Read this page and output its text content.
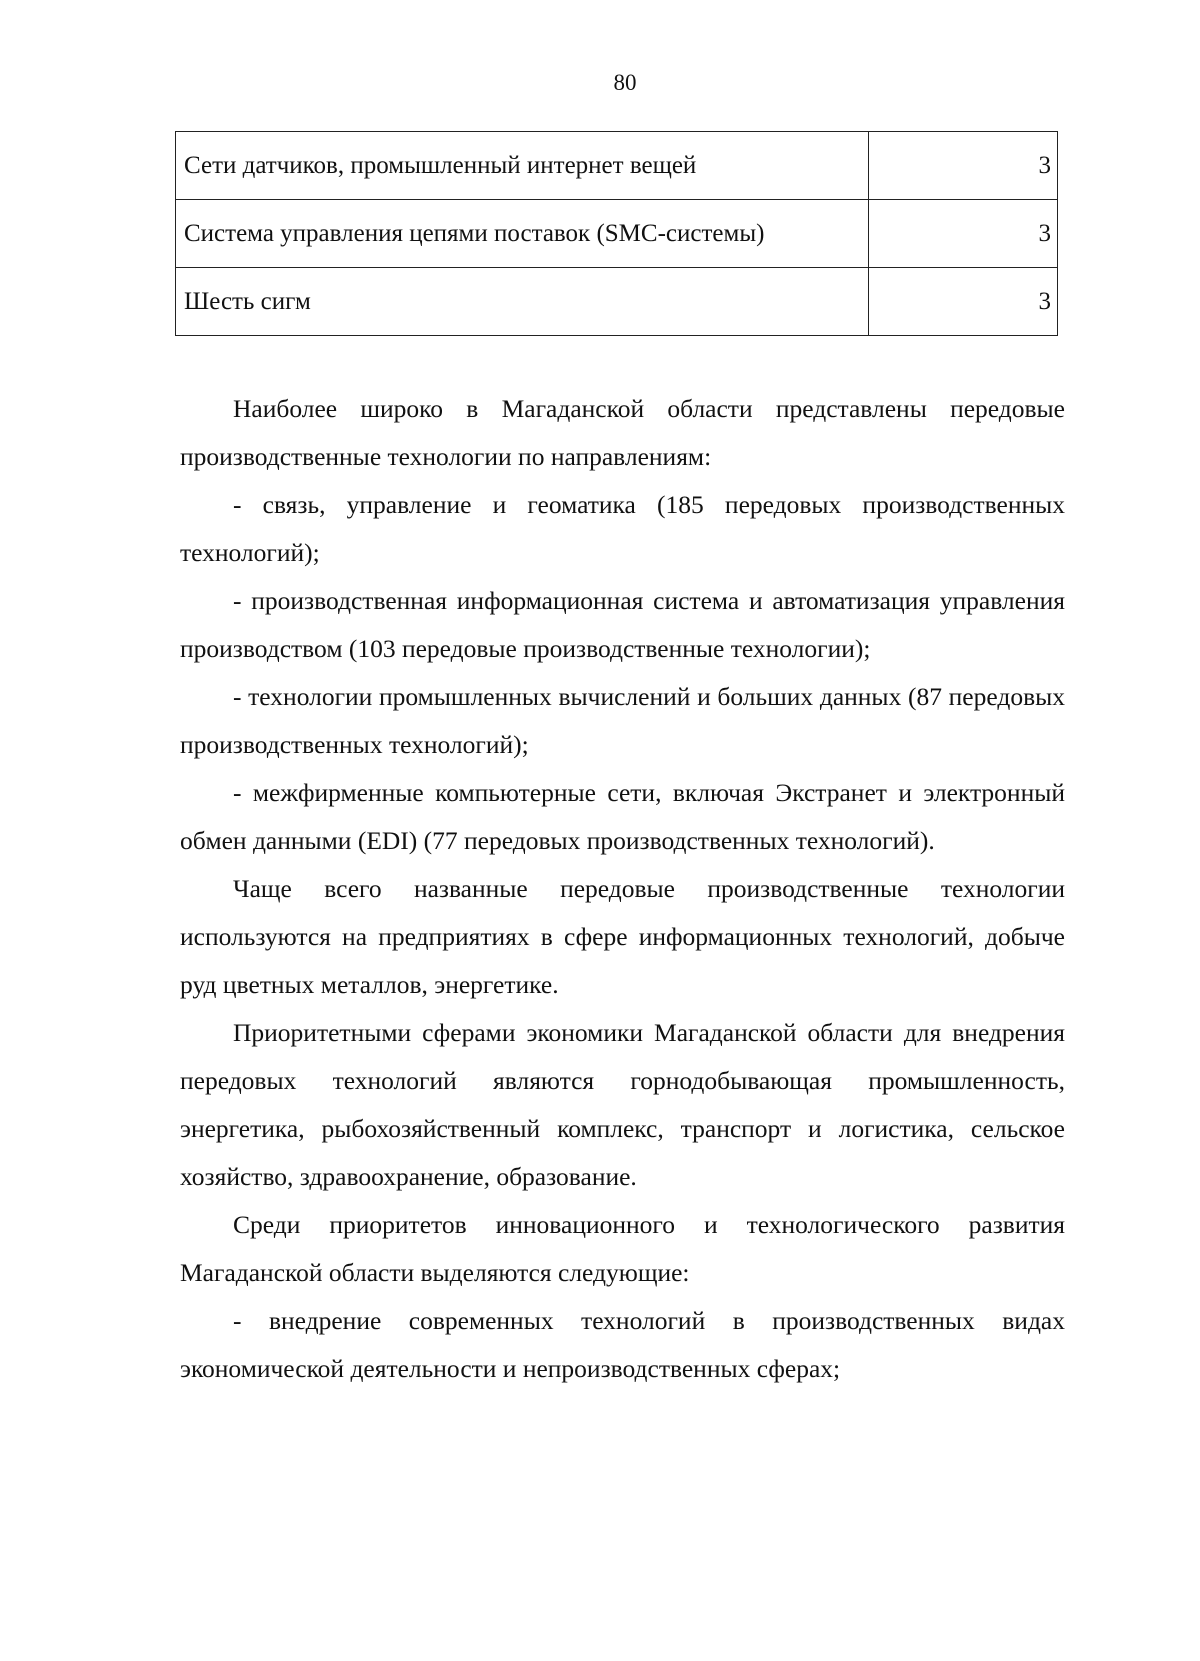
80
Сети датчиков, промышленный интернет вещей	3
Система управления цепями поставок (SMC-системы)	3
Шесть сигм	3

Наиболее широко в Магаданской области представлены передовые производственные технологии по направлениям:

- связь, управление и геоматика (185 передовых производственных технологий);

- производственная информационная система и автоматизация управления производством (103 передовые производственные технологии);

- технологии промышленных вычислений и больших данных (87 передовых производственных технологий);

- межфирменные компьютерные сети, включая Экстранет и электронный обмен данными (EDI) (77 передовых производственных технологий).

Чаще всего названные передовые производственные технологии используются на предприятиях в сфере информационных технологий, добыче руд цветных металлов, энергетике.

Приоритетными сферами экономики Магаданской области для внедрения передовых технологий являются горнодобывающая промышленность, энергетика, рыбохозяйственный комплекс, транспорт и логистика, сельское хозяйство, здравоохранение, образование.

Среди приоритетов инновационного и технологического развития Магаданской области выделяются следующие:

- внедрение современных технологий в производственных видах экономической деятельности и непроизводственных сферах;
